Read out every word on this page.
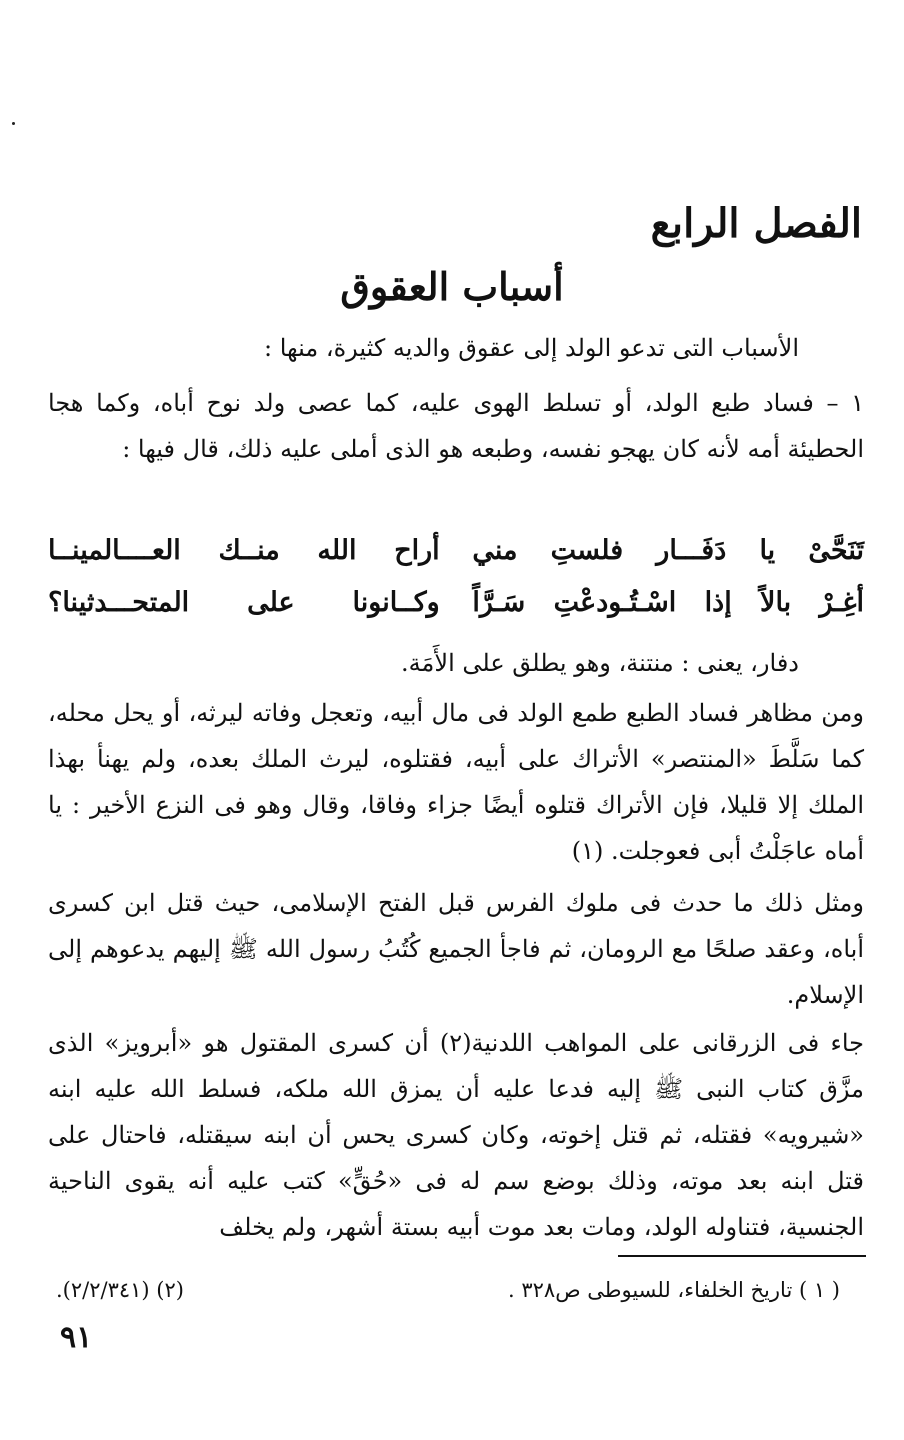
الفصل الرابع
أسباب العقوق

الأسباب التى تدعو الولد إلى عقوق والديه كثيرة، منها :

١ – فساد طبع الولد، أو تسلط الهوى عليه، كما عصى ولد نوح أباه، وكما هجا الحطيئة أمه لأنه كان يهجو نفسه، وطبعه هو الذى أملى عليه ذلك، قال فيها :

تَنَحَّىْ يا دَفَـــار فلستِ مني
أراح الله منــك العــــالمينــا
أغِـرْ بالاً إذا اسْـتُـودعْتِ سَـرَّاً
وكــانونا على المتحـــدثينا؟

دفار، يعنى : منتنة، وهو يطلق على الأَمَة.

ومن مظاهر فساد الطبع طمع الولد فى مال أبيه، وتعجل وفاته ليرثه، أو يحل محله، كما سَلَّطَ «المنتصر» الأتراك على أبيه، فقتلوه، ليرث الملك بعده، ولم يهنأ بهذا الملك إلا قليلا، فإن الأتراك قتلوه أيضًا جزاء وفاقا، وقال وهو فى النزع الأخير : يا أماه عاجَلْتُ أبى فعوجلت. (١)

ومثل ذلك ما حدث فى ملوك الفرس قبل الفتح الإسلامى، حيث قتل ابن كسرى أباه، وعقد صلحًا مع الرومان، ثم فاجأ الجميع كُتُبُ رسول الله ﷺ إليهم يدعوهم إلى الإسلام.

جاء فى الزرقانى على المواهب اللدنية(٢) أن كسرى المقتول هو «أبرويز» الذى مزَّق كتاب النبى ﷺ إليه فدعا عليه أن يمزق الله ملكه، فسلط الله عليه ابنه «شيرويه» فقتله، ثم قتل إخوته، وكان كسرى يحس أن ابنه سيقتله، فاحتال على قتل ابنه بعد موته، وذلك بوضع سم له فى «حُقٍّ» كتب عليه أنه يقوى الناحية الجنسية، فتناوله الولد، ومات بعد موت أبيه بستة أشهر، ولم يخلف

( ١ ) تاريخ الخلفاء، للسيوطى ص٣٢٨ .
(٢) (٢/٢/٣٤١).
٩١
